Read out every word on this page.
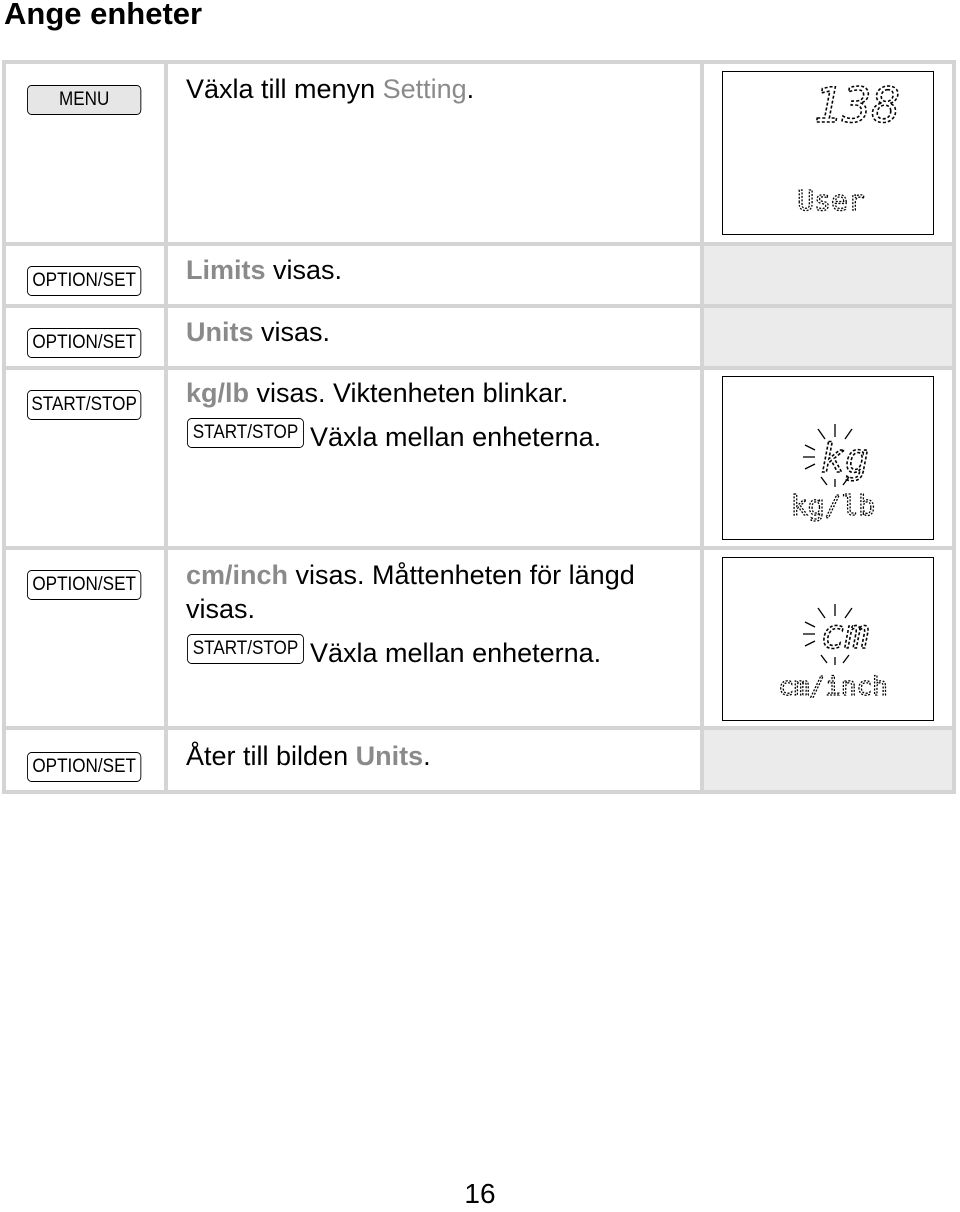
Ange enheter
MENU
OPTION/SET
OPTION/SET
START/STOP
OPTION/SET
OPTION/SET
Växla till menyn Setting.
Limits visas.
Units visas.
kg/lb visas. Viktenheten blinkar.
START/STOP Växla mellan enheterna.
cm/inch visas. Måttenheten för längd
visas.
START/STOP Växla mellan enheterna.
Åter till bilden Units.
138
User
kg
kg/lb
cm
cm/inch
16
